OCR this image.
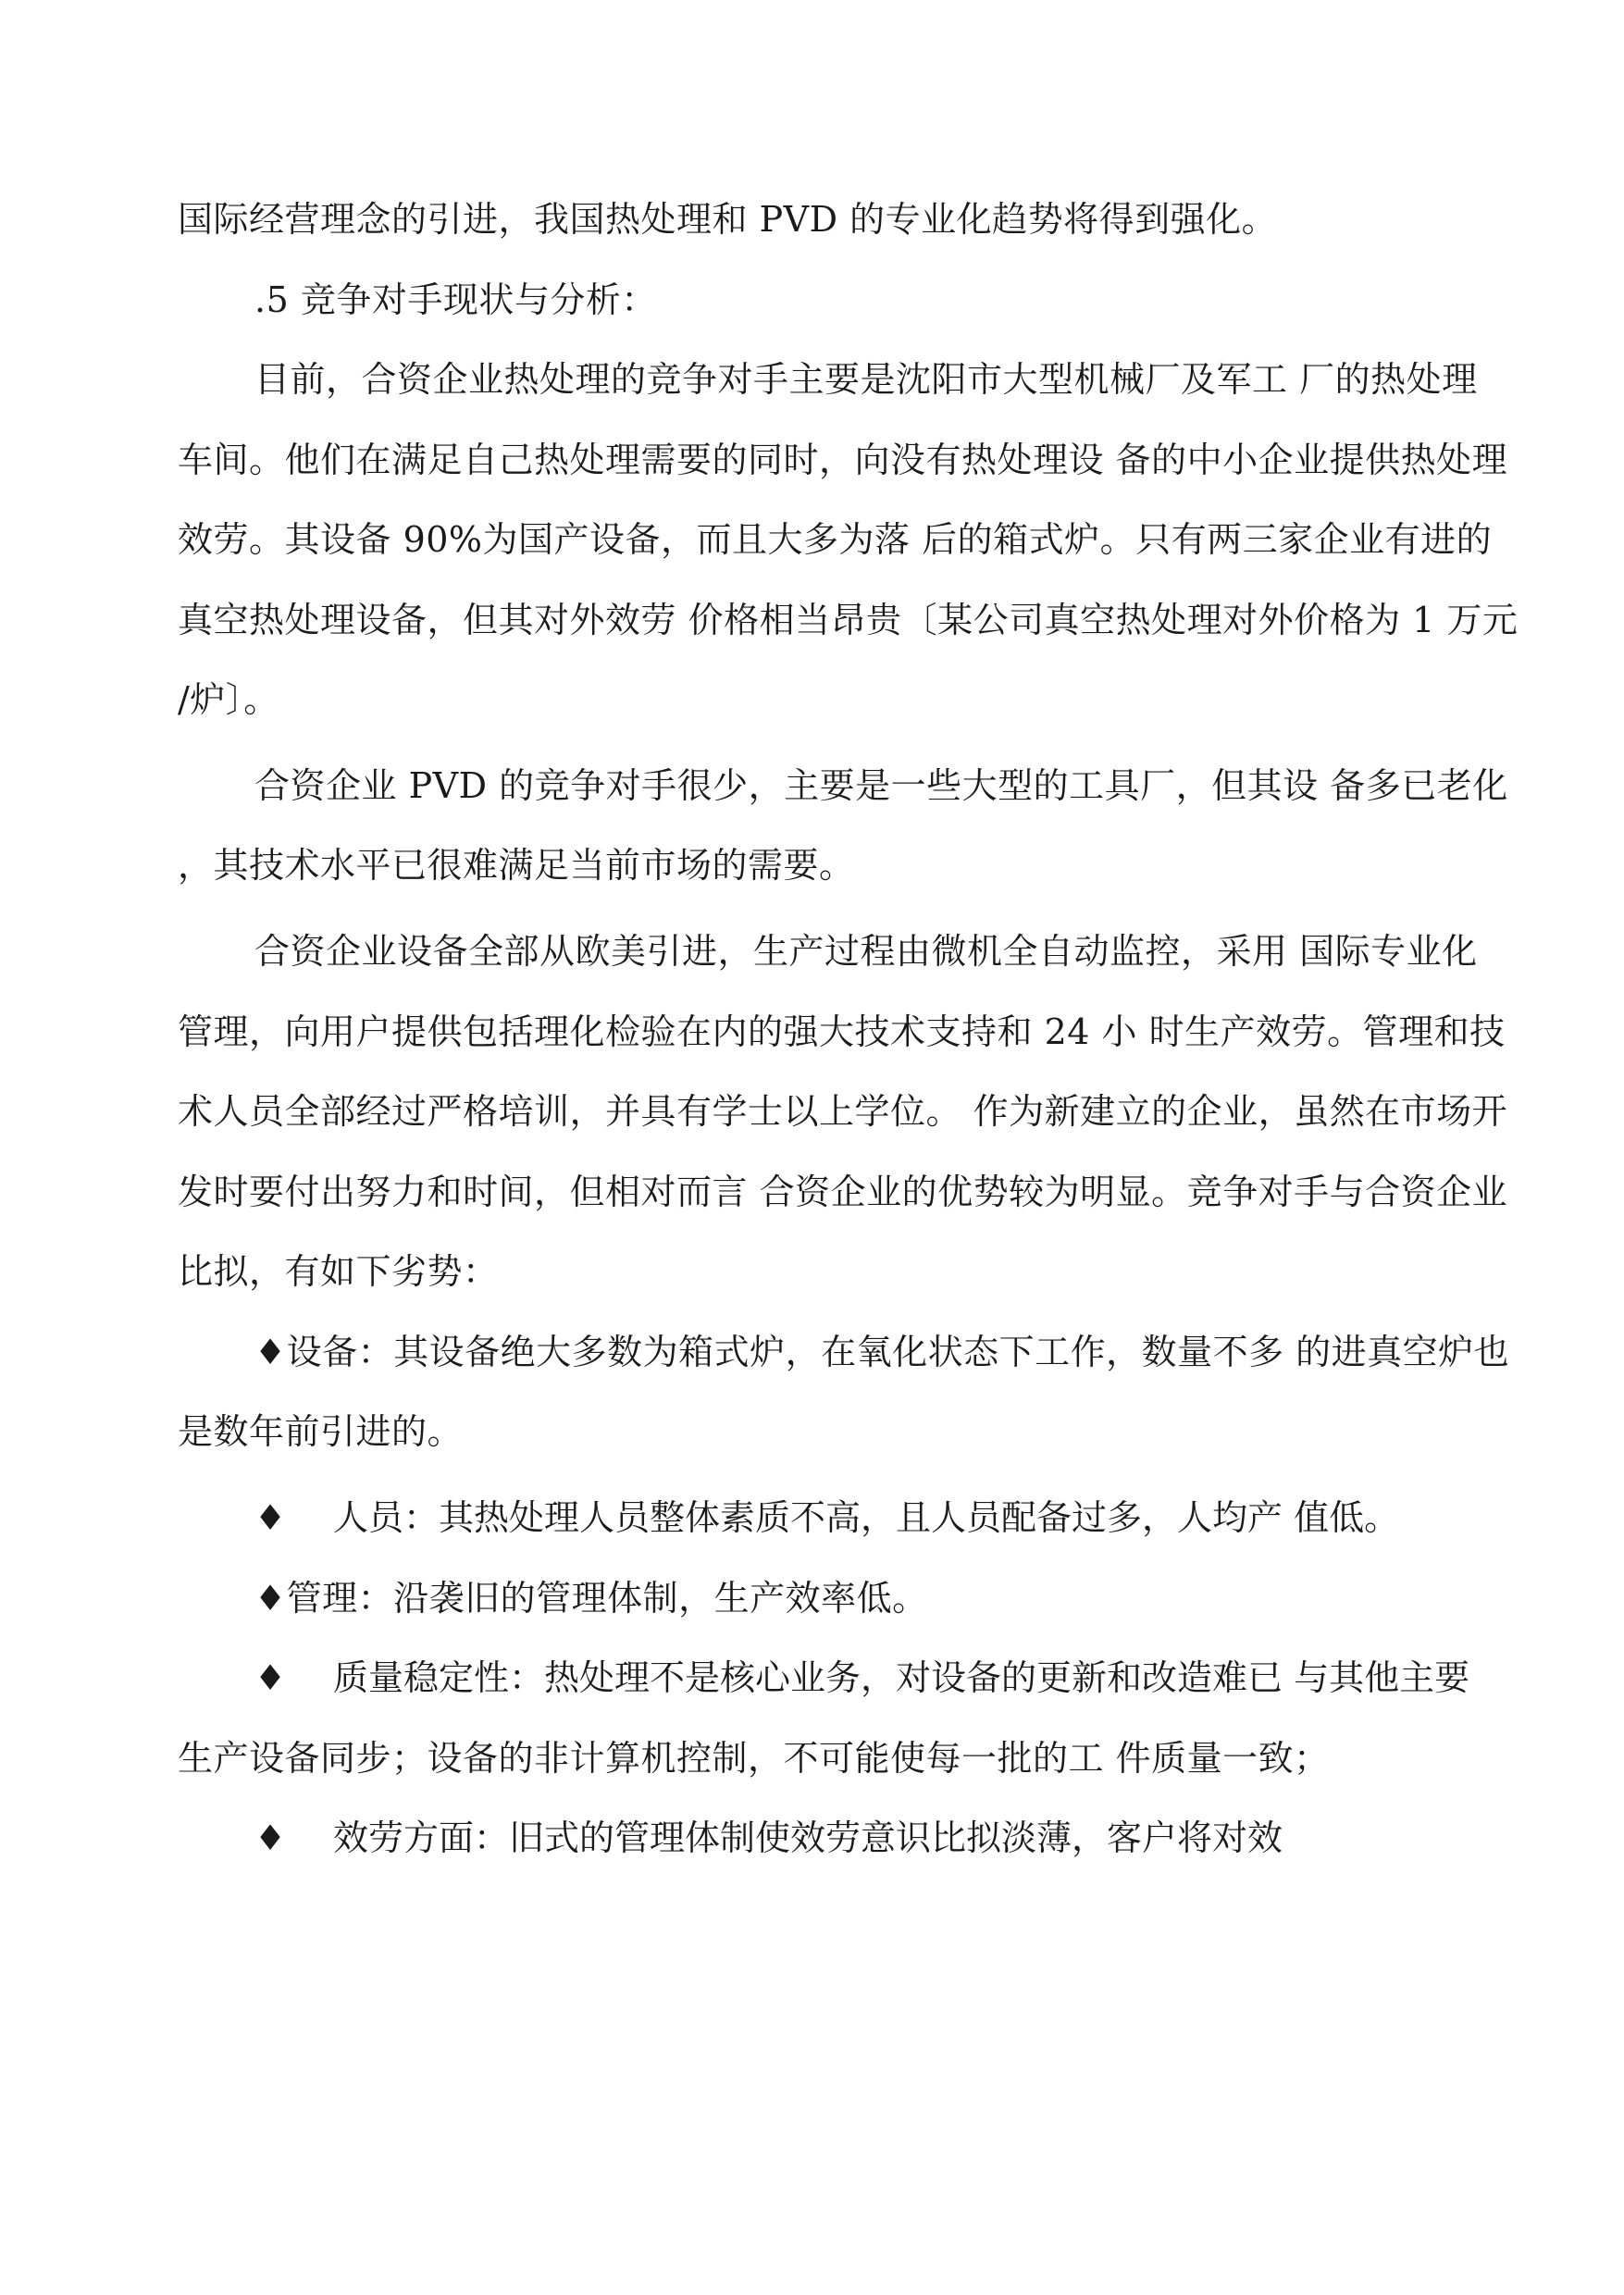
国际经营理念的引进，我国热处理和 PVD 的专业化趋势将得到强化。
.5 竞争对手现状与分析：
目前，合资企业热处理的竞争对手主要是沈阳市大型机械厂及军工 厂的热处理
车间。他们在满足自己热处理需要的同时，向没有热处理设 备的中小企业提供热处理
效劳。其设备 90%为国产设备，而且大多为落 后的箱式炉。只有两三家企业有进的
真空热处理设备，但其对外效劳 价格相当昂贵〔某公司真空热处理对外价格为 1 万元
/炉〕。
合资企业 PVD 的竞争对手很少，主要是一些大型的工具厂，但其设 备多已老化
，其技术水平已很难满足当前市场的需要。
合资企业设备全部从欧美引进，生产过程由微机全自动监控，采用 国际专业化
管理，向用户提供包括理化检验在内的强大技术支持和 24 小 时生产效劳。管理和技
术人员全部经过严格培训，并具有学士以上学位。 作为新建立的企业，虽然在市场开
发时要付出努力和时间，但相对而言 合资企业的优势较为明显。竞争对手与合资企业
比拟，有如下劣势：
♦设备：其设备绝大多数为箱式炉，在氧化状态下工作，数量不多 的进真空炉也
是数年前引进的。
♦ 人员：其热处理人员整体素质不高，且人员配备过多，人均产 值低。
♦管理：沿袭旧的管理体制，生产效率低。
♦ 质量稳定性：热处理不是核心业务，对设备的更新和改造难已 与其他主要
生产设备同步；设备的非计算机控制，不可能使每一批的工 件质量一致；
♦ 效劳方面：旧式的管理体制使效劳意识比拟淡薄，客户将对效
